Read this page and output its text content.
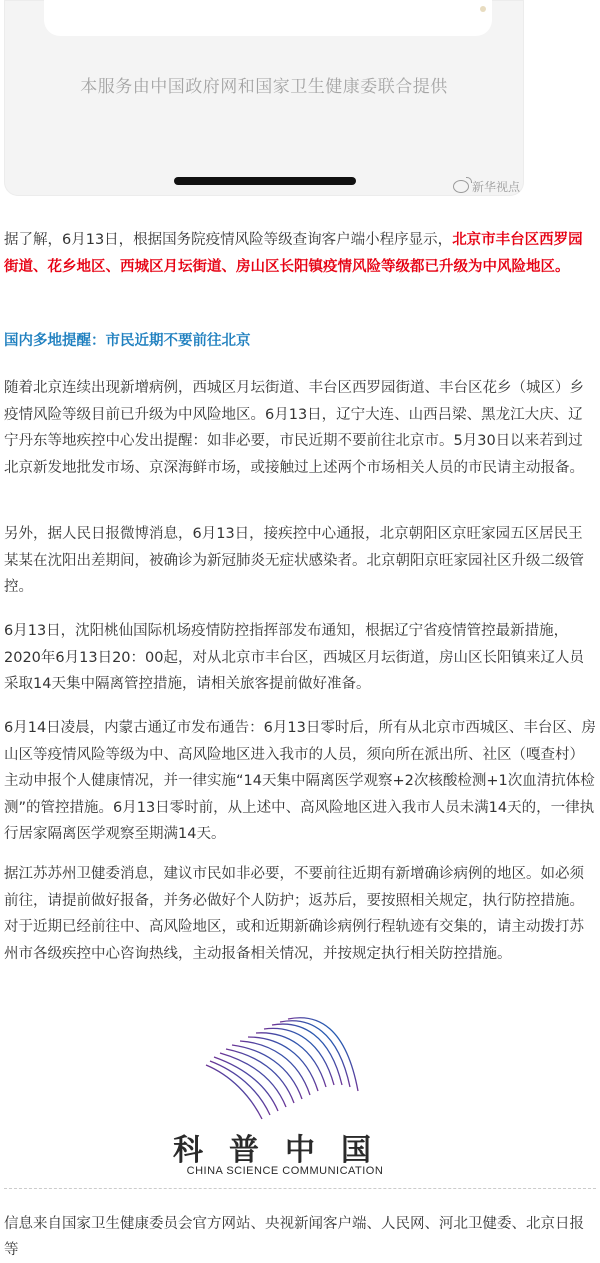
本服务由中国政府网和国家卫生健康委联合提供
新华视点

据了解，6月13日，根据国务院疫情风险等级查询客户端小程序显示，北京市丰台区西罗园街道、花乡地区、西城区月坛街道、房山区长阳镇疫情风险等级都已升级为中风险地区。

国内多地提醒：市民近期不要前往北京

随着北京连续出现新增病例，西城区月坛街道、丰台区西罗园街道、丰台区花乡（城区）乡疫情风险等级目前已升级为中风险地区。6月13日，辽宁大连、山西吕梁、黑龙江大庆、辽宁丹东等地疾控中心发出提醒：如非必要，市民近期不要前往北京市。5月30日以来若到过北京新发地批发市场、京深海鲜市场，或接触过上述两个市场相关人员的市民请主动报备。

另外，据人民日报微博消息，6月13日，接疾控中心通报，北京朝阳区京旺家园五区居民王某某在沈阳出差期间，被确诊为新冠肺炎无症状感染者。北京朝阳京旺家园社区升级二级管控。

6月13日，沈阳桃仙国际机场疫情防控指挥部发布通知，根据辽宁省疫情管控最新措施，2020年6月13日20：00起，对从北京市丰台区，西城区月坛街道，房山区长阳镇来辽人员采取14天集中隔离管控措施，请相关旅客提前做好准备。

6月14日凌晨，内蒙古通辽市发布通告：6月13日零时后，所有从北京市西城区、丰台区、房山区等疫情风险等级为中、高风险地区进入我市的人员，须向所在派出所、社区（嘎查村）主动申报个人健康情况，并一律实施“14天集中隔离医学观察+2次核酸检测+1次血清抗体检测”的管控措施。6月13日零时前，从上述中、高风险地区进入我市人员未满14天的，一律执行居家隔离医学观察至期满14天。

据江苏苏州卫健委消息，建议市民如非必要，不要前往近期有新增确诊病例的地区。如必须前往，请提前做好报备，并务必做好个人防护；返苏后，要按照相关规定，执行防控措施。对于近期已经前往中、高风险地区，或和近期新确诊病例行程轨迹有交集的，请主动拨打苏州市各级疾控中心咨询热线，主动报备相关情况，并按规定执行相关防控措施。

科普中国
CHINA SCIENCE COMMUNICATION

信息来自国家卫生健康委员会官方网站、央视新闻客户端、人民网、河北卫健委、北京日报等
